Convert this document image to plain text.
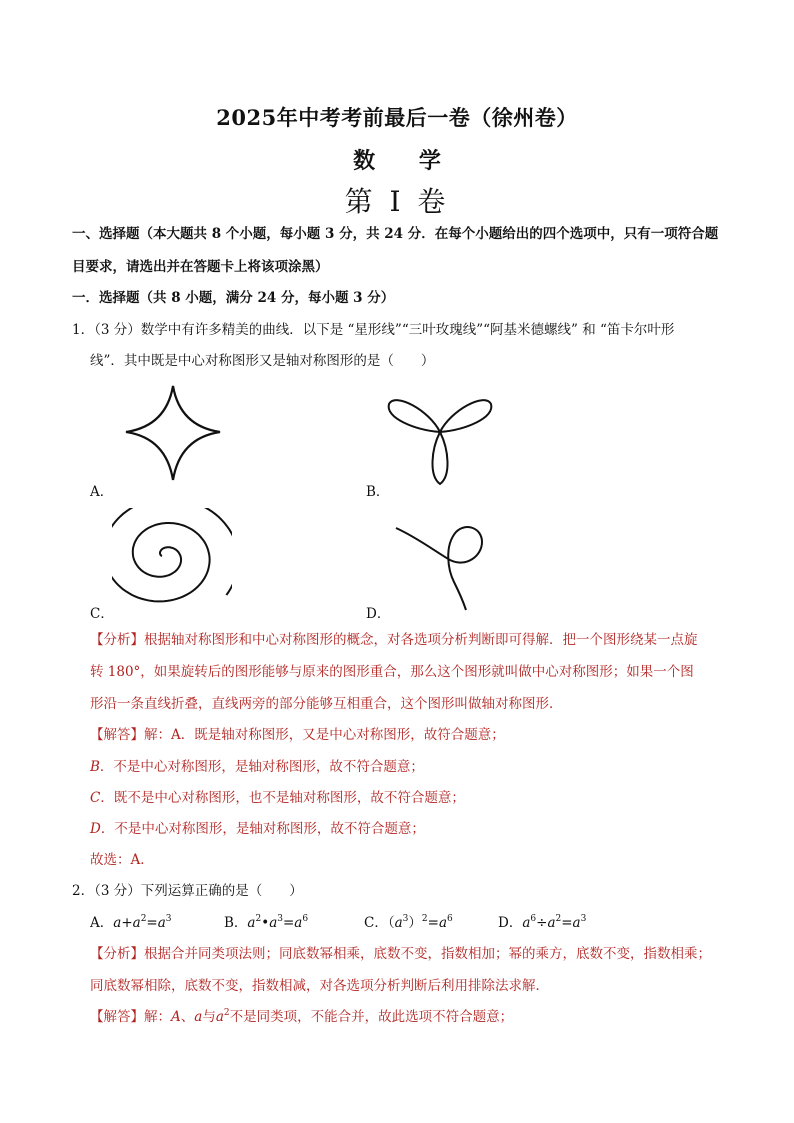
2025年中考考前最后一卷（徐州卷）
数 学
第 I 卷
一、选择题（本大题共 8 个小题，每小题 3 分，共 24 分．在每个小题给出的四个选项中，只有一项符合题
目要求，请选出并在答题卡上将该项涂黑）
一．选择题（共 8 小题，满分 24 分，每小题 3 分）
1．（3 分）数学中有许多精美的曲线．以下是 “星形线”“三叶玫瑰线”“阿基米德螺线” 和 “笛卡尔叶形
线”．其中既是中心对称图形又是轴对称图形的是（　　）
A．	B．
C．	D．
【分析】根据轴对称图形和中心对称图形的概念，对各选项分析判断即可得解．把一个图形绕某一点旋
转 180°，如果旋转后的图形能够与原来的图形重合，那么这个图形就叫做中心对称图形；如果一个图
形沿一条直线折叠，直线两旁的部分能够互相重合，这个图形叫做轴对称图形．
【解答】解：A．既是轴对称图形，又是中心对称图形，故符合题意；
B．不是中心对称图形，是轴对称图形，故不符合题意；
C．既不是中心对称图形，也不是轴对称图形，故不符合题意；
D．不是中心对称图形，是轴对称图形，故不符合题意；
故选：A．
2．（3 分）下列运算正确的是（　　）
A．$a+a^2=a^3$	B．$a^2•a^3=a^6$	C．$(a^3)^2=a^6$	D．$a^6\div a^2=a^3$
【分析】根据合并同类项法则；同底数幂相乘，底数不变，指数相加；幂的乘方，底数不变，指数相乘；
同底数幂相除，底数不变，指数相减，对各选项分析判断后利用排除法求解．
【解答】解：A、a与$a^2$不是同类项，不能合并，故此选项不符合题意；
